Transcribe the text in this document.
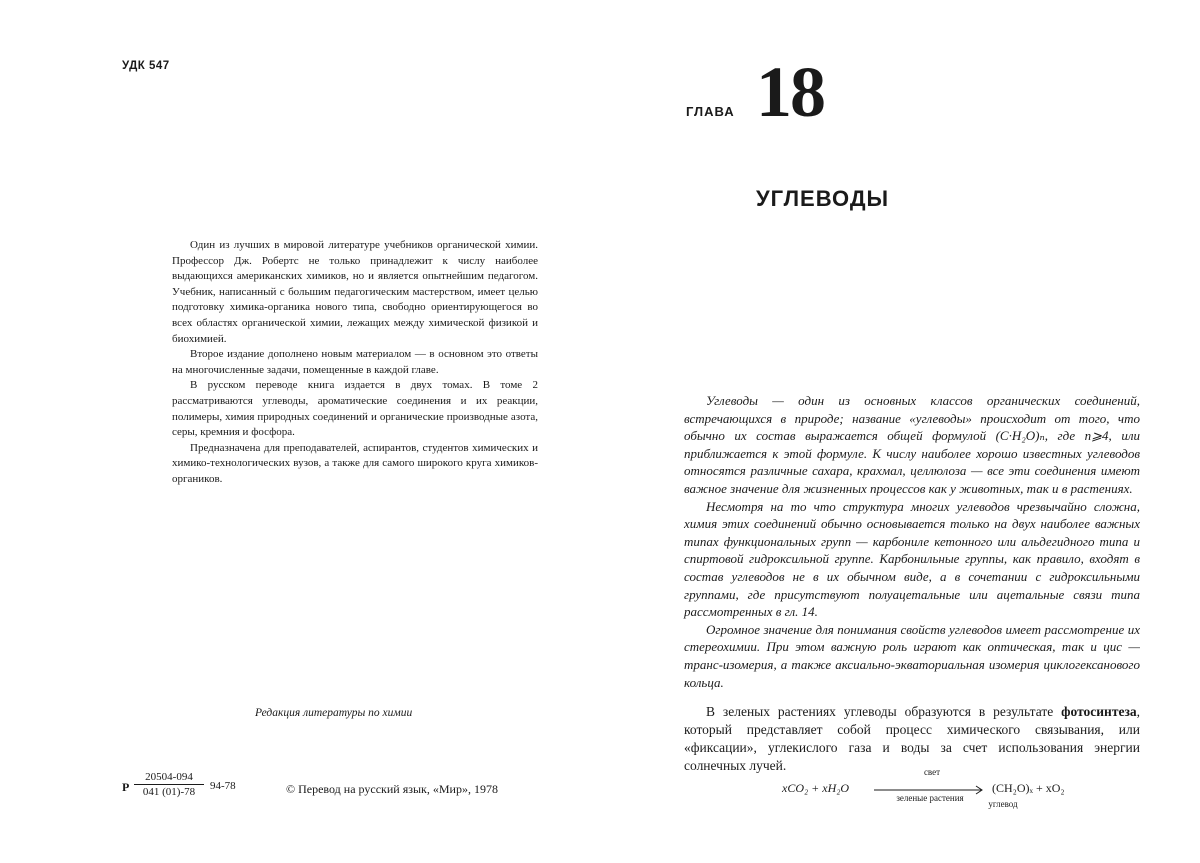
УДК 547

Один из лучших в мировой литературе учебников органической химии. Профессор Дж. Робертс не только принадлежит к числу наиболее выдающихся американских химиков, но и является опытнейшим педагогом. Учебник, написанный с большим педагогическим мастерством, имеет целью подготовку химика-органика нового типа, свободно ориентирующегося во всех областях органической химии, лежащих между химической физикой и биохимией.

Второе издание дополнено новым материалом — в основном это ответы на многочисленные задачи, помещенные в каждой главе.

В русском переводе книга издается в двух томах. В томе 2 рассматриваются углеводы, ароматические соединения и их реакции, полимеры, химия природных соединений и органические производные азота, серы, кремния и фосфора.

Предназначена для преподавателей, аспирантов, студентов химических и химико-технологических вузов, а также для самого широкого круга химиков-органиков.

Редакция литературы по химии
Р $\frac{20504-094}{041 (01)-78} 94-78$	© Перевод на русский язык, «Мир», 1978
ГЛАВА 18
УГЛЕВОДЫ

Углеводы — один из основных классов органических соединений, встречающихся в природе; название «углеводы» происходит от того, что обычно их состав выражается общей формулой (C·H₂O)ₙ, где n⩾4, или приближается к этой формуле. К числу наиболее хорошо известных углеводов относятся различные сахара, крахмал, целлюлоза — все эти соединения имеют важное значение для жизненных процессов как у животных, так и в растениях.

Несмотря на то что структура многих углеводов чрезвычайно сложна, химия этих соединений обычно основывается только на двух наиболее важных типах функциональных групп — карбониле кетонного или альдегидного типа и спиртовой гидроксильной группе. Карбонильные группы, как правило, входят в состав углеводов не в их обычном виде, а в сочетании с гидроксильными группами, где присутствуют полуацетальные или ацетальные связи типа рассмотренных в гл. 14.

Огромное значение для понимания свойств углеводов имеет рассмотрение их стереохимии. При этом важную роль играют как оптическая, так и цис — транс-изомерия, а также аксиально-экваториальная изомерия циклогексанового кольца.

В зеленых растениях углеводы образуются в результате фотосинтеза, который представляет собой процесс химического связывания, или «фиксации», углекислого газа и воды за счет использования энергии солнечных лучей.

xCO₂ + xH₂O
свет
зеленые растения
(CH₂O)ₓ + xO₂
углевод
